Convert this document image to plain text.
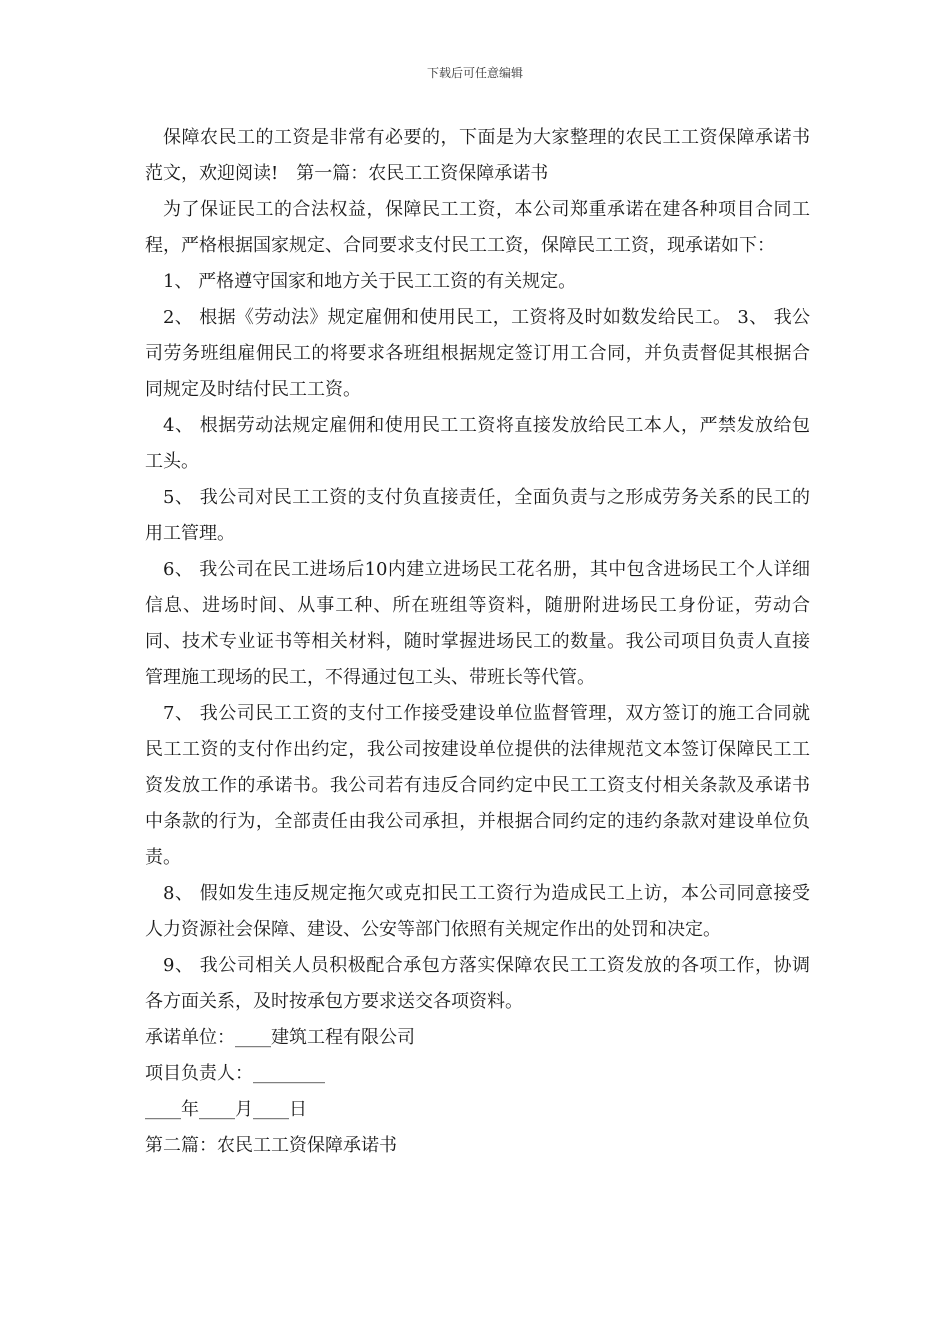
下载后可任意编辑

保障农民工的工资是非常有必要的，下面是为大家整理的农民工工资保障承诺书范文，欢迎阅读!　第一篇：农民工工资保障承诺书

为了保证民工的合法权益，保障民工工资，本公司郑重承诺在建各种项目合同工程，严格根据国家规定、合同要求支付民工工资，保障民工工资，现承诺如下：

1、 严格遵守国家和地方关于民工工资的有关规定。

2、 根据《劳动法》规定雇佣和使用民工，工资将及时如数发给民工。 3、 我公司劳务班组雇佣民工的将要求各班组根据规定签订用工合同，并负责督促其根据合同规定及时结付民工工资。

4、 根据劳动法规定雇佣和使用民工工资将直接发放给民工本人，严禁发放给包工头。

5、 我公司对民工工资的支付负直接责任，全面负责与之形成劳务关系的民工的用工管理。

6、 我公司在民工进场后10内建立进场民工花名册，其中包含进场民工个人详细信息、进场时间、从事工种、所在班组等资料，随册附进场民工身份证，劳动合同、技术专业证书等相关材料，随时掌握进场民工的数量。我公司项目负责人直接管理施工现场的民工，不得通过包工头、带班长等代管。

7、 我公司民工工资的支付工作接受建设单位监督管理，双方签订的施工合同就民工工资的支付作出约定，我公司按建设单位提供的法律规范文本签订保障民工工资发放工作的承诺书。我公司若有违反合同约定中民工工资支付相关条款及承诺书中条款的行为，全部责任由我公司承担，并根据合同约定的违约条款对建设单位负责。

8、 假如发生违反规定拖欠或克扣民工工资行为造成民工上访，本公司同意接受人力资源社会保障、建设、公安等部门依照有关规定作出的处罚和决定。

9、 我公司相关人员积极配合承包方落实保障农民工工资发放的各项工作，协调各方面关系，及时按承包方要求送交各项资料。

承诺单位：____建筑工程有限公司

项目负责人：________

____年____月____日

第二篇：农民工工资保障承诺书
